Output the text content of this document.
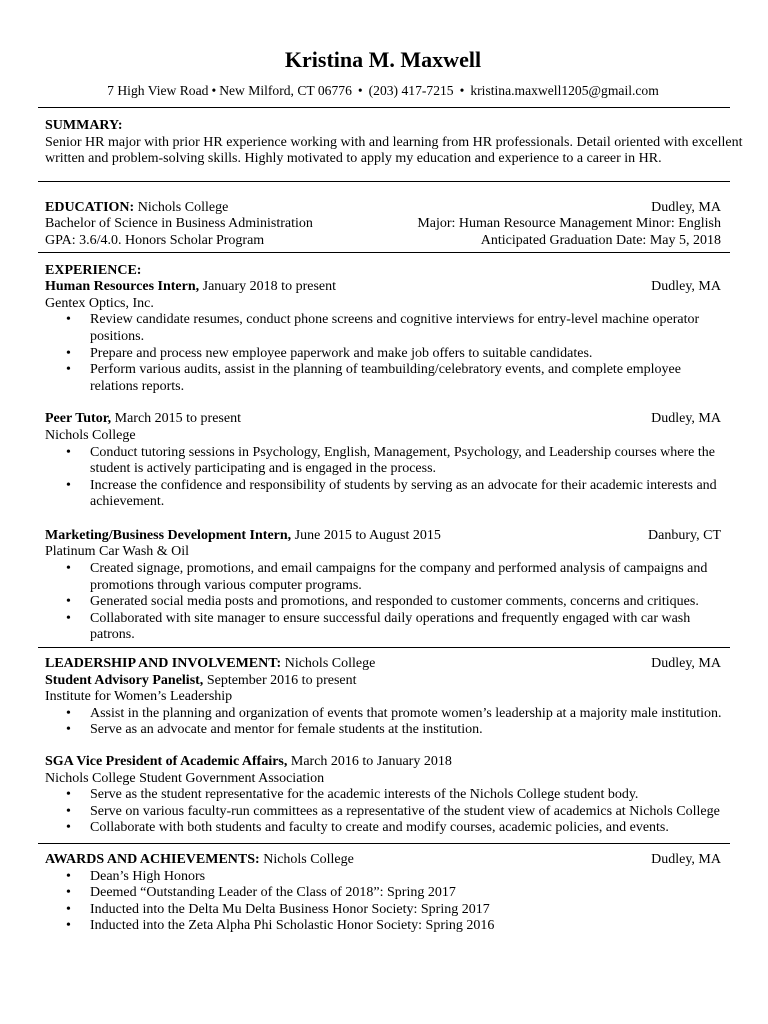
Kristina M. Maxwell

7 High View Road • New Milford, CT 06776 • (203) 417-7215 • kristina.maxwell1205@gmail.com

SUMMARY:

Senior HR major with prior HR experience working with and learning from HR professionals. Detail oriented with excellent

written and problem-solving skills. Highly motivated to apply my education and experience to a career in HR.

EDUCATION: Nichols College	Dudley, MA
Bachelor of Science in Business Administration	Major: Human Resource Management Minor: English
GPA: 3.6/4.0. Honors Scholar Program	Anticipated Graduation Date: May 5, 2018

EXPERIENCE:

Human Resources Intern, January 2018 to present	Dudley, MA

Gentex Optics, Inc.

• Review candidate resumes, conduct phone screens and cognitive interviews for entry-level machine operator
positions.
• Prepare and process new employee paperwork and make job offers to suitable candidates.
• Perform various audits, assist in the planning of teambuilding/celebratory events, and complete employee
relations reports.
Peer Tutor, March 2015 to present	Dudley, MA

Nichols College

• Conduct tutoring sessions in Psychology, English, Management, Psychology, and Leadership courses where the
student is actively participating and is engaged in the process.
• Increase the confidence and responsibility of students by serving as an advocate for their academic interests and
achievement.
Marketing/Business Development Intern, June 2015 to August 2015	Danbury, CT

Platinum Car Wash & Oil

• Created signage, promotions, and email campaigns for the company and performed analysis of campaigns and
promotions through various computer programs.
• Generated social media posts and promotions, and responded to customer comments, concerns and critiques.
• Collaborated with site manager to ensure successful daily operations and frequently engaged with car wash
patrons.
LEADERSHIP AND INVOLVEMENT: Nichols College	Dudley, MA

Student Advisory Panelist, September 2016 to present

Institute for Women’s Leadership

• Assist in the planning and organization of events that promote women’s leadership at a majority male institution.
• Serve as an advocate and mentor for female students at the institution.

SGA Vice President of Academic Affairs, March 2016 to January 2018

Nichols College Student Government Association

• Serve as the student representative for the academic interests of the Nichols College student body.
• Serve on various faculty-run committees as a representative of the student view of academics at Nichols College
• Collaborate with both students and faculty to create and modify courses, academic policies, and events.
AWARDS AND ACHIEVEMENTS: Nichols College	Dudley, MA
• Dean’s High Honors
• Deemed “Outstanding Leader of the Class of 2018”: Spring 2017
• Inducted into the Delta Mu Delta Business Honor Society: Spring 2017
• Inducted into the Zeta Alpha Phi Scholastic Honor Society: Spring 2016
